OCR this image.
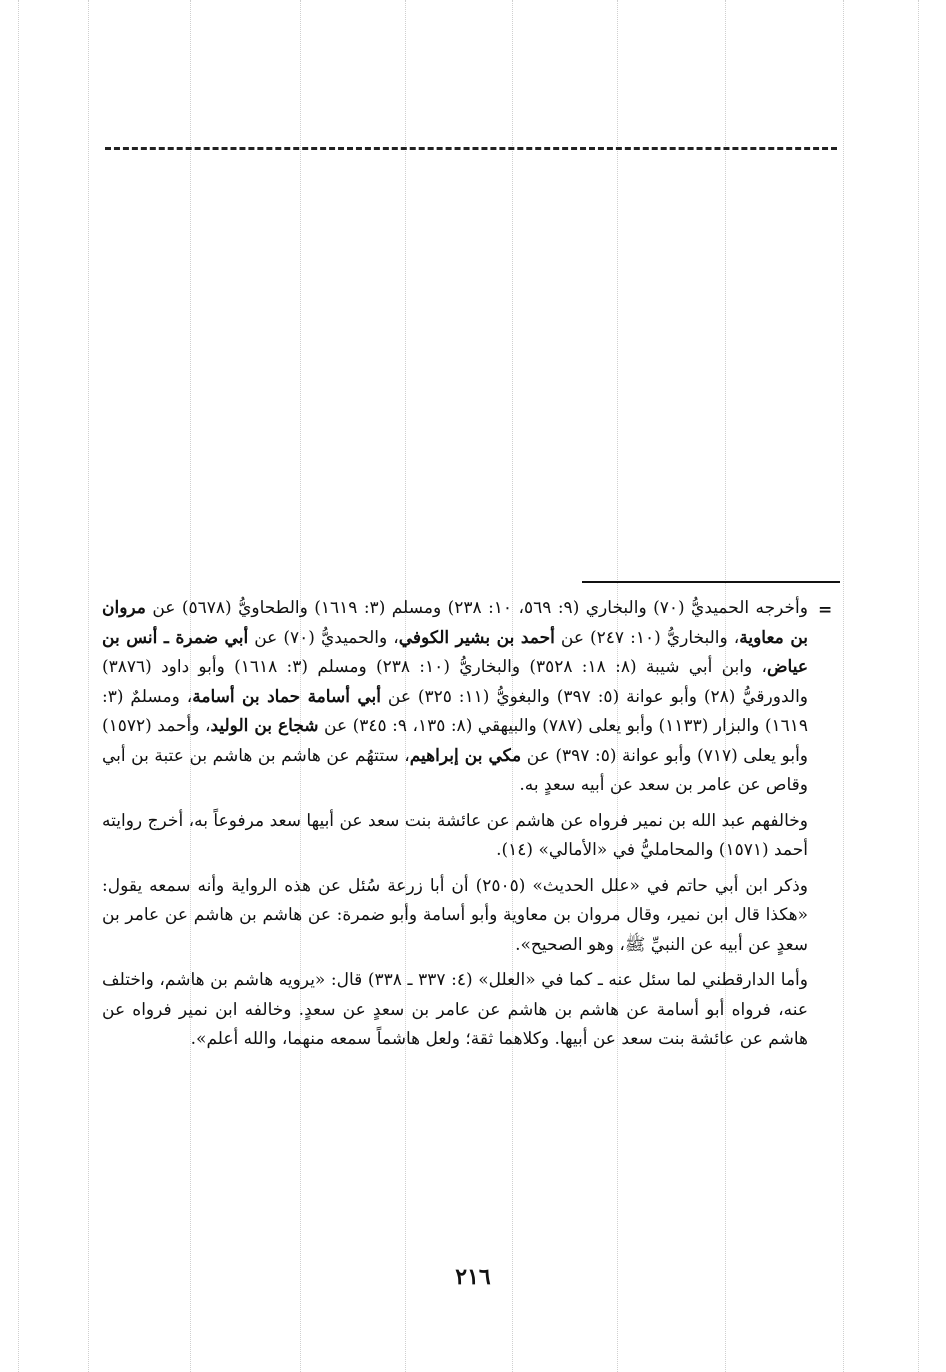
=

وأخرجه الحميديُّ (٧٠) والبخاري (٩: ٥٦٩، ١٠: ٢٣٨) ومسلم (٣: ١٦١٩) والطحاويُّ (٥٦٧٨) عن مروان بن معاوية، والبخاريُّ (١٠: ٢٤٧) عن أحمد بن بشير الكوفي، والحميديُّ (٧٠) عن أبي ضمرة ـ أنس بن عياض، وابن أبي شيبة (٨: ١٨: ٣٥٢٨) والبخاريُّ (١٠: ٢٣٨) ومسلم (٣: ١٦١٨) وأبو داود (٣٨٧٦) والدورقيُّ (٢٨) وأبو عوانة (٥: ٣٩٧) والبغويُّ (١١: ٣٢٥) عن أبي أسامة حماد بن أسامة، ومسلمٌ (٣: ١٦١٩) والبزار (١١٣٣) وأبو يعلى (٧٨٧) والبيهقي (٨: ١٣٥، ٩: ٣٤٥) عن شجاع بن الوليد، وأحمد (١٥٧٢) وأبو يعلى (٧١٧) وأبو عوانة (٥: ٣٩٧) عن مكي بن إبراهيم، ستتهُم عن هاشم بن هاشم بن عتبة بن أبي وقاص عن عامر بن سعد عن أبيه سعدٍ به.

وخالفهم عبد الله بن نمير فرواه عن هاشم عن عائشة بنت سعد عن أبيها سعد مرفوعاً به، أخرج روايته أحمد (١٥٧١) والمحامليُّ في «الأمالي» (١٤).

وذكر ابن أبي حاتم في «علل الحديث» (٢٥٠٥) أن أبا زرعة سُئل عن هذه الرواية وأنه سمعه يقول: «هكذا قال ابن نمير، وقال مروان بن معاوية وأبو أسامة وأبو ضمرة: عن هاشم بن هاشم عن عامر بن سعدٍ عن أبيه عن النبيِّ ﷺ، وهو الصحيح».

وأما الدارقطني لما سئل عنه ـ كما في «العلل» (٤: ٣٣٧ ـ ٣٣٨) قال: «يرويه هاشم بن هاشم، واختلف عنه، فرواه أبو أسامة عن هاشم بن هاشم عن عامر بن سعدٍ عن سعدٍ. وخالفه ابن نمير فرواه عن هاشم عن عائشة بنت سعد عن أبيها. وكلاهما ثقة؛ ولعل هاشماً سمعه منهما، والله أعلم».

٢١٦
